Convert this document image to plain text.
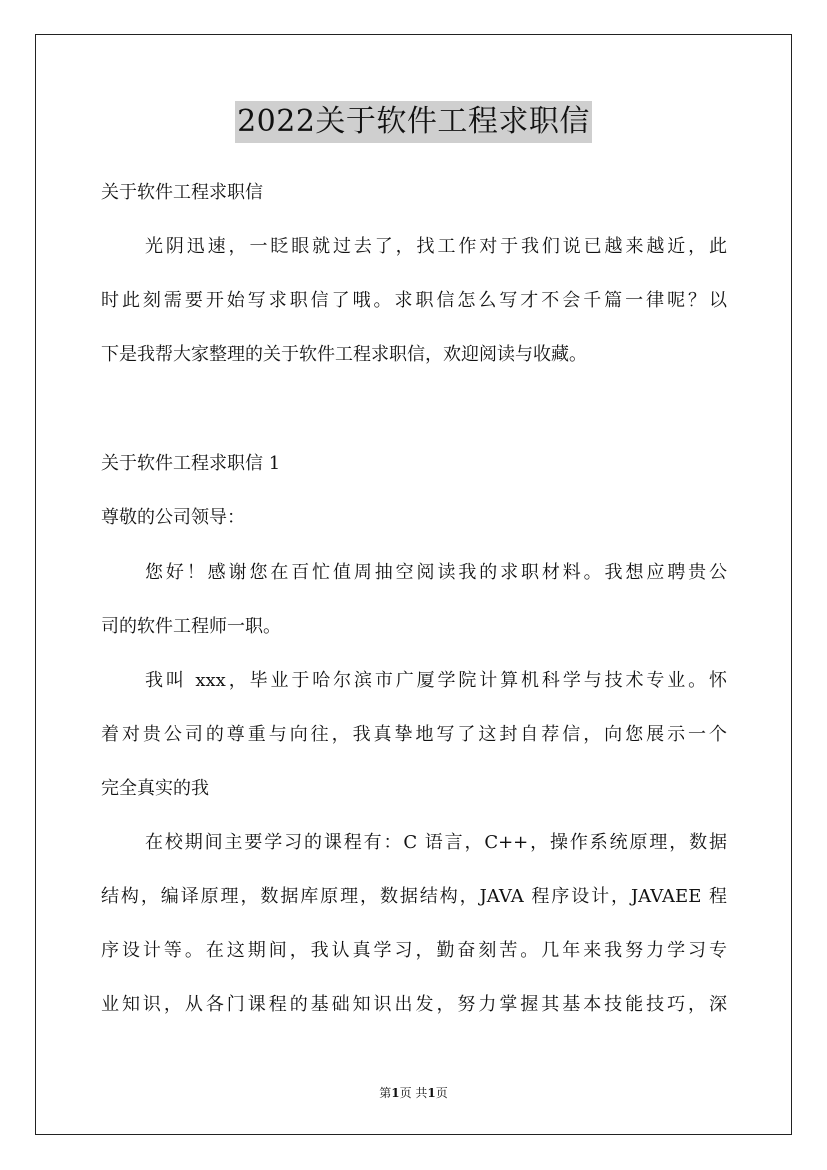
2022关于软件工程求职信
关于软件工程求职信
光阴迅速，一眨眼就过去了，找工作对于我们说已越来越近，此
时此刻需要开始写求职信了哦。求职信怎么写才不会千篇一律呢？以
下是我帮大家整理的关于软件工程求职信，欢迎阅读与收藏。
关于软件工程求职信 1
尊敬的公司领导：
您好！感谢您在百忙值周抽空阅读我的求职材料。我想应聘贵公
司的软件工程师一职。
我叫 xxx，毕业于哈尔滨市广厦学院计算机科学与技术专业。怀
着对贵公司的尊重与向往，我真挚地写了这封自荐信，向您展示一个
完全真实的我
在校期间主要学习的课程有：C 语言，C++，操作系统原理，数据
结构，编译原理，数据库原理，数据结构，JAVA 程序设计，JAVAEE 程
序设计等。在这期间，我认真学习，勤奋刻苦。几年来我努力学习专
业知识，从各门课程的基础知识出发，努力掌握其基本技能技巧，深
第1页 共1页
